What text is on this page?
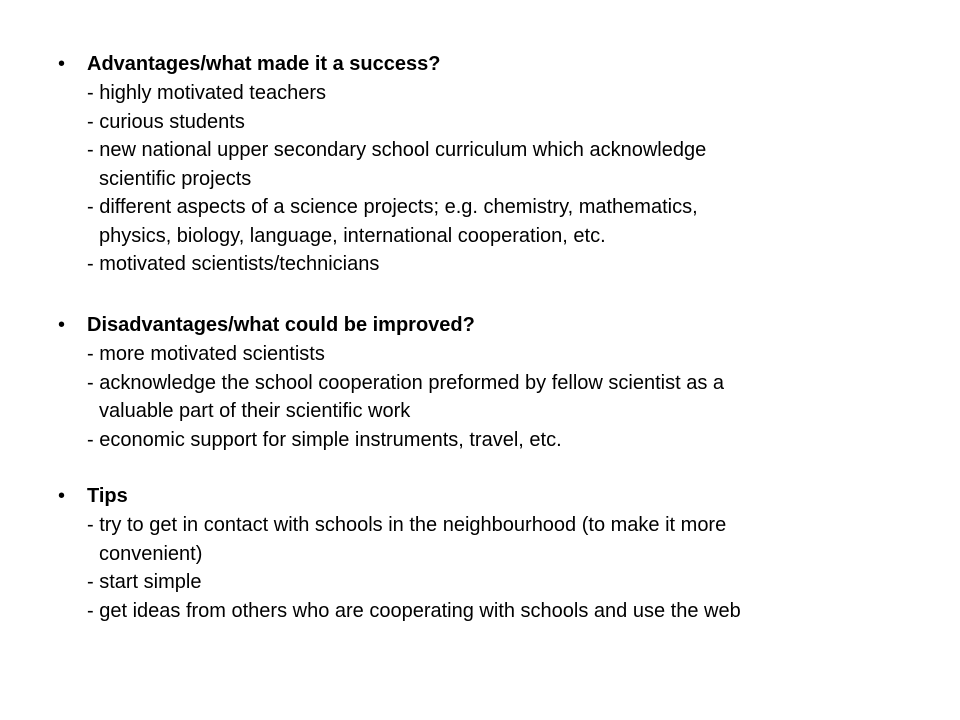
• Advantages/what made it a success?
- highly motivated teachers
- curious students
- new national upper secondary school curriculum which acknowledge
scientific projects
- different aspects of a science projects; e.g. chemistry, mathematics,
physics, biology, language, international cooperation, etc.
- motivated scientists/technicians
• Disadvantages/what could be improved?
- more motivated scientists
- acknowledge the school cooperation preformed by fellow scientist as a
valuable part of their scientific work
- economic support for simple instruments, travel, etc.
• Tips
- try to get in contact with schools in the neighbourhood (to make it more
convenient)
- start simple
- get ideas from others who are cooperating with schools and use the web
